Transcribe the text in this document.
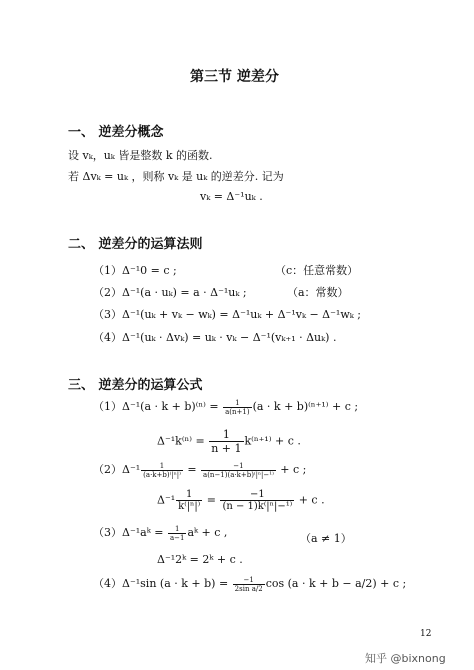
第三节 逆差分
一、 逆差分概念
设 vₖ，uₖ 皆是整数 k 的函数.
若 Δvₖ = uₖ ，则称 vₖ 是 uₖ 的逆差分. 记为
vₖ = Δ⁻¹uₖ .
二、 逆差分的运算法则
（1）Δ⁻¹0 = c ;	（c：任意常数）
（2）Δ⁻¹(a · uₖ) = a · Δ⁻¹uₖ ;	（a：常数）
（3）Δ⁻¹(uₖ + vₖ − wₖ) = Δ⁻¹uₖ + Δ⁻¹vₖ − Δ⁻¹wₖ ;
（4）Δ⁻¹(uₖ · Δvₖ) = uₖ · vₖ − Δ⁻¹(vₖ₊₁ · Δuₖ) .
三、 逆差分的运算公式
$(1)\Delta^{-1}(a \cdot k + b)^{(n)} = \frac{1}{a(n+1)} (a \cdot k + b)^{(n+1)} + c$ ;
$\Delta^{-1}k^{(n)} = \frac{1}{n + 1} k^{(n+1)} + c$ .
$(2)\Delta^{-1} \frac{1}{\text{(a·k+b)⁽|ⁿ|⁾}} = \frac{-1}{\text{a(n−1)(a·k+b)⁽|ⁿ|−¹⁾}} + c$ ;
$\Delta^{-1} \frac{1}{\text{k⁽|ⁿ|⁾}} = \frac{-1}{\text{(n − 1)k⁽|ⁿ|−¹⁾}} + c$ .
（3）Δ⁻¹aᵏ = $\frac{1}{a-1}$ aᵏ + c ,	（a ≠ 1）
Δ⁻¹2ᵏ = 2ᵏ + c .
（4）Δ⁻¹sin $(a \cdot k + b) = \frac{-1}{\text{2sin a/2}}$ cos (a · k + b − a/2) + c ;
12
知乎 @bixnong
